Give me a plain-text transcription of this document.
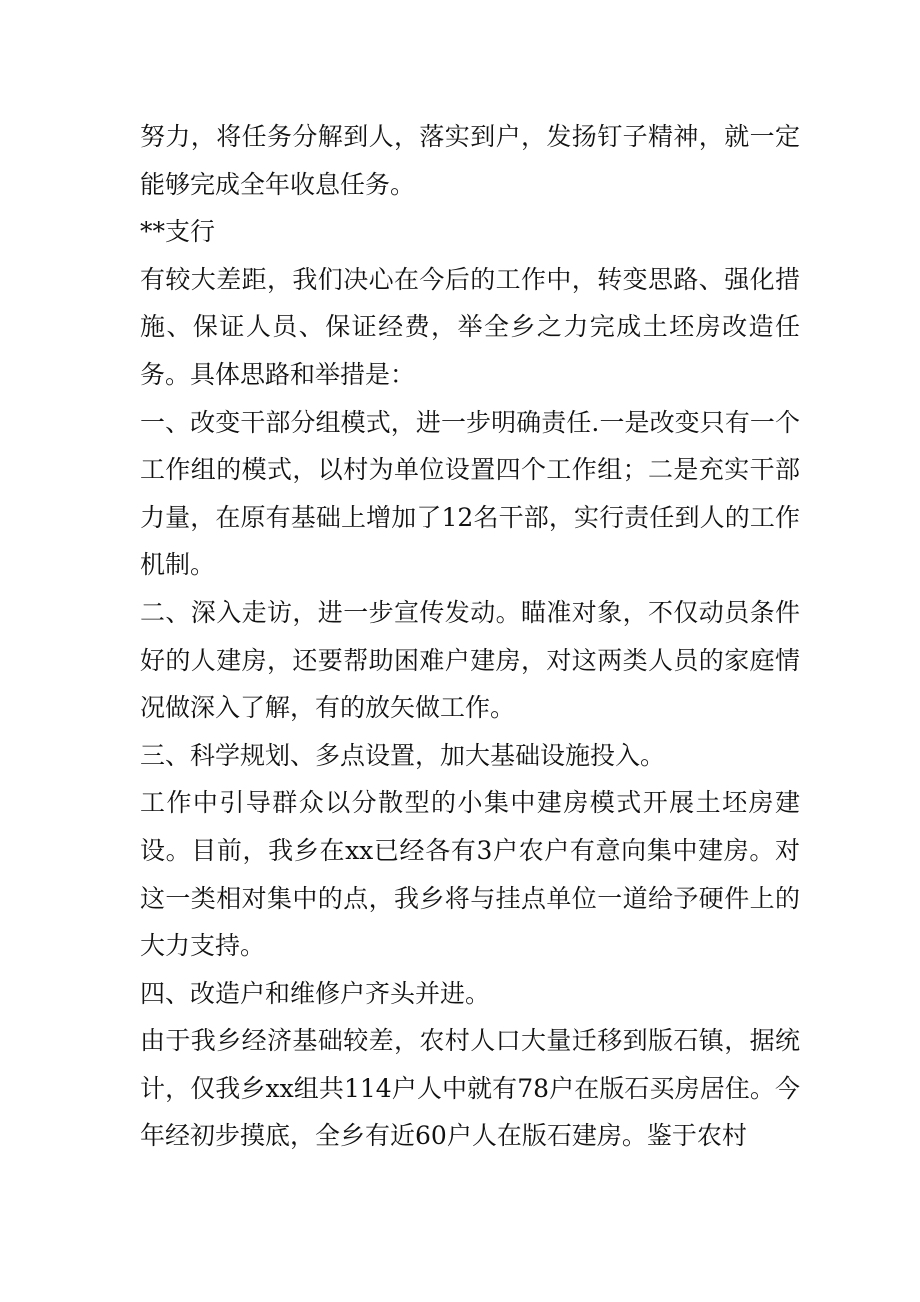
努力，将任务分解到人，落实到户，发扬钉子精神，就一定能够完成全年收息任务。

**支行

有较大差距，我们决心在今后的工作中，转变思路、强化措施、保证人员、保证经费，举全乡之力完成土坯房改造任务。具体思路和举措是：

一、改变干部分组模式，进一步明确责任.一是改变只有一个工作组的模式，以村为单位设置四个工作组；二是充实干部力量，在原有基础上增加了12名干部，实行责任到人的工作机制。

二、深入走访，进一步宣传发动。瞄准对象，不仅动员条件好的人建房，还要帮助困难户建房，对这两类人员的家庭情况做深入了解，有的放矢做工作。

三、科学规划、多点设置，加大基础设施投入。

工作中引导群众以分散型的小集中建房模式开展土坯房建设。目前，我乡在xx已经各有3户农户有意向集中建房。对这一类相对集中的点，我乡将与挂点单位一道给予硬件上的大力支持。

四、改造户和维修户齐头并进。

由于我乡经济基础较差，农村人口大量迁移到版石镇，据统计，仅我乡xx组共114户人中就有78户在版石买房居住。今年经初步摸底，全乡有近60户人在版石建房。鉴于农村
